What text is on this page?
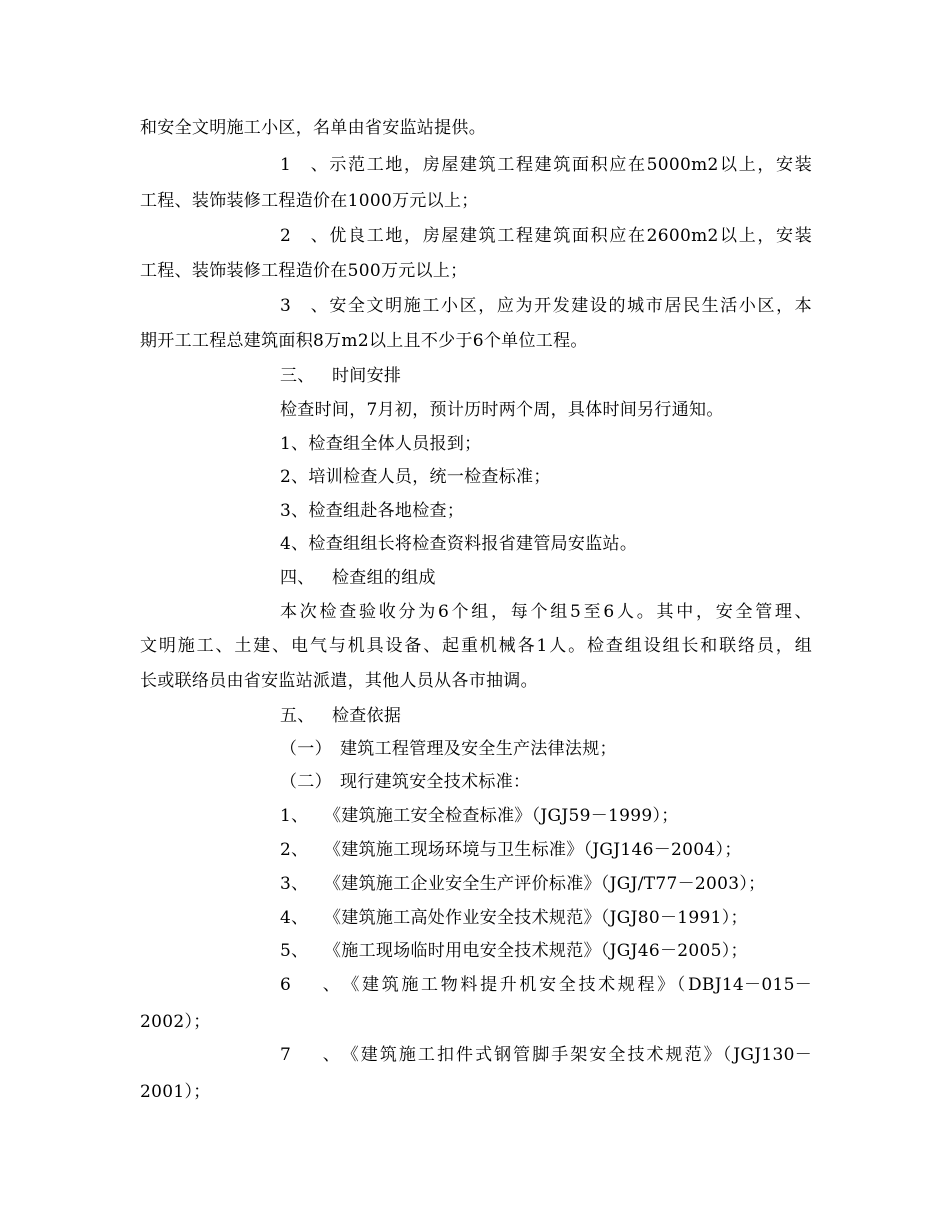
和安全文明施工小区，名单由省安监站提供。
1、示范工地，房屋建筑工程建筑面积应在5000m2以上，安装
工程、装饰装修工程造价在1000万元以上；
2、优良工地，房屋建筑工程建筑面积应在2600m2以上，安装
工程、装饰装修工程造价在500万元以上；
3、安全文明施工小区，应为开发建设的城市居民生活小区，本
期开工工程总建筑面积8万m2以上且不少于6个单位工程。
三、 时间安排
检查时间，7月初，预计历时两个周，具体时间另行通知。
1、检查组全体人员报到；
2、培训检查人员，统一检查标准；
3、检查组赴各地检查；
4、检查组组长将检查资料报省建管局安监站。
四、 检查组的组成
本次检查验收分为6个组，每个组5至6人。其中，安全管理、
文明施工、土建、电气与机具设备、起重机械各1人。检查组设组长和联络员，组
长或联络员由省安监站派遣，其他人员从各市抽调。
五、 检查依据
（一） 建筑工程管理及安全生产法律法规；
（二） 现行建筑安全技术标准：
1、 《建筑施工安全检查标准》（JGJ59－1999）；
2、 《建筑施工现场环境与卫生标准》（JGJ146－2004）；
3、 《建筑施工企业安全生产评价标准》（JGJ/T77－2003）；
4、 《建筑施工高处作业安全技术规范》（JGJ80－1991）；
5、 《施工现场临时用电安全技术规范》（JGJ46－2005）；
6、《建筑施工物料提升机安全技术规程》（DBJ14－015－
2002）；
7、《建筑施工扣件式钢管脚手架安全技术规范》（JGJ130－
2001）；
